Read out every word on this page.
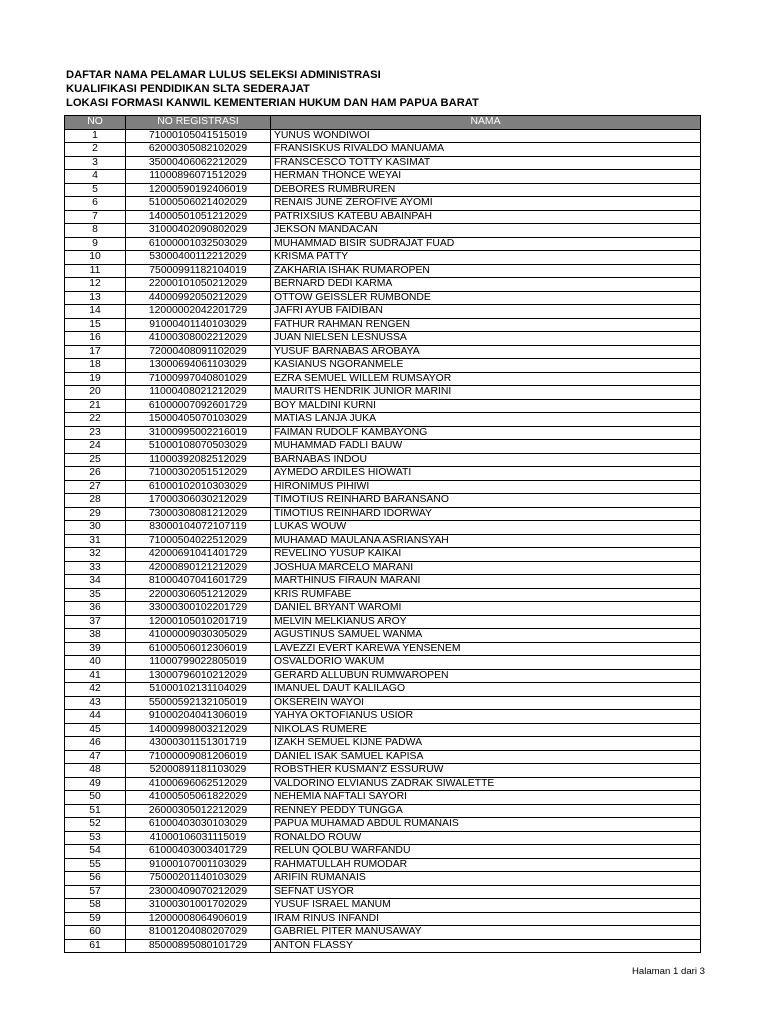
DAFTAR NAMA PELAMAR LULUS SELEKSI ADMINISTRASI
KUALIFIKASI PENDIDIKAN SLTA SEDERAJAT
LOKASI FORMASI KANWIL KEMENTERIAN HUKUM DAN HAM PAPUA BARAT
NO	NO REGISTRASI	NAMA
1	71000105041515019	YUNUS WONDIWOI
2	62000305082102029	FRANSISKUS RIVALDO MANUAMA
3	35000406062212029	FRANSCESCO TOTTY KASIMAT
4	11000896071512029	HERMAN THONCE WEYAI
5	12000590192406019	DEBORES RUMBRUREN
6	51000506021402029	RENAIS JUNE ZEROFIVE AYOMI
7	14000501051212029	PATRIXSIUS KATEBU ABAINPAH
8	31000402090802029	JEKSON MANDACAN
9	61000001032503029	MUHAMMAD BISIR SUDRAJAT FUAD
10	53000400112212029	KRISMA PATTY
11	75000991182104019	ZAKHARIA ISHAK RUMAROPEN
12	22000101050212029	BERNARD DEDI KARMA
13	44000992050212029	OTTOW GEISSLER RUMBONDE
14	12000002042201729	JAFRI AYUB FAIDIBAN
15	91000401140103029	FATHUR RAHMAN RENGEN
16	41000308002212029	JUAN NIELSEN LESNUSSA
17	72000408091102029	YUSUF BARNABAS AROBAYA
18	13000694061103029	KASIANUS NGORANMELE
19	71000997040801029	EZRA SEMUEL WILLEM RUMSAYOR
20	11000408021212029	MAURITS HENDRIK JUNIOR MARINI
21	61000007092601729	BOY MALDINI KURNI
22	15000405070103029	MATIAS LANJA JUKA
23	31000995002216019	FAIMAN RUDOLF KAMBAYONG
24	51000108070503029	MUHAMMAD FADLI BAUW
25	11000392082512029	BARNABAS INDOU
26	71000302051512029	AYMEDO ARDILES HIOWATI
27	61000102010303029	HIRONIMUS PIHIWI
28	17000306030212029	TIMOTIUS REINHARD BARANSANO
29	73000308081212029	TIMOTIUS REINHARD IDORWAY
30	83000104072107119	LUKAS WOUW
31	71000504022512029	MUHAMAD MAULANA ASRIANSYAH
32	42000691041401729	REVELINO YUSUP KAIKAI
33	42000890121212029	JOSHUA MARCELO MARANI
34	81000407041601729	MARTHINUS FIRAUN MARANI
35	22000306051212029	KRIS RUMFABE
36	33000300102201729	DANIEL BRYANT WAROMI
37	12000105010201719	MELVIN MELKIANUS AROY
38	41000009030305029	AGUSTINUS SAMUEL WANMA
39	61000506012306019	LAVEZZI EVERT KAREWA YENSENEM
40	11000799022805019	OSVALDORIO WAKUM
41	13000796010212029	GERARD ALLUBUN RUMWAROPEN
42	51000102131104029	IMANUEL DAUT KALILAGO
43	55000592132105019	OKSEREIN WAYOI
44	91000204041306019	YAHYA OKTOFIANUS USIOR
45	14000998003212029	NIKOLAS RUMERE
46	43000301151301719	IZAKH SEMUEL KIJNE PADWA
47	71000009081206019	DANIEL ISAK SAMUEL KAPISA
48	52000891181103029	ROBSTHER KUSMAN'Z ESSURUW
49	41000696062512029	VALDORINO ELVIANUS ZADRAK SIWALETTE
50	41000505061822029	NEHEMIA NAFTALI SAYORI
51	26000305012212029	RENNEY PEDDY TUNGGA
52	61000403030103029	PAPUA MUHAMAD ABDUL RUMANAIS
53	41000106031115019	RONALDO ROUW
54	61000403003401729	RELUN QOLBU WARFANDU
55	91000107001103029	RAHMATULLAH RUMODAR
56	75000201140103029	ARIFIN RUMANAIS
57	23000409070212029	SEFNAT USYOR
58	31000301001702029	YUSUF ISRAEL MANUM
59	12000008064906019	IRAM RINUS INFANDI
60	81001204080207029	GABRIEL PITER MANUSAWAY
61	85000895080101729	ANTON FLASSY
Halaman 1 dari 3
